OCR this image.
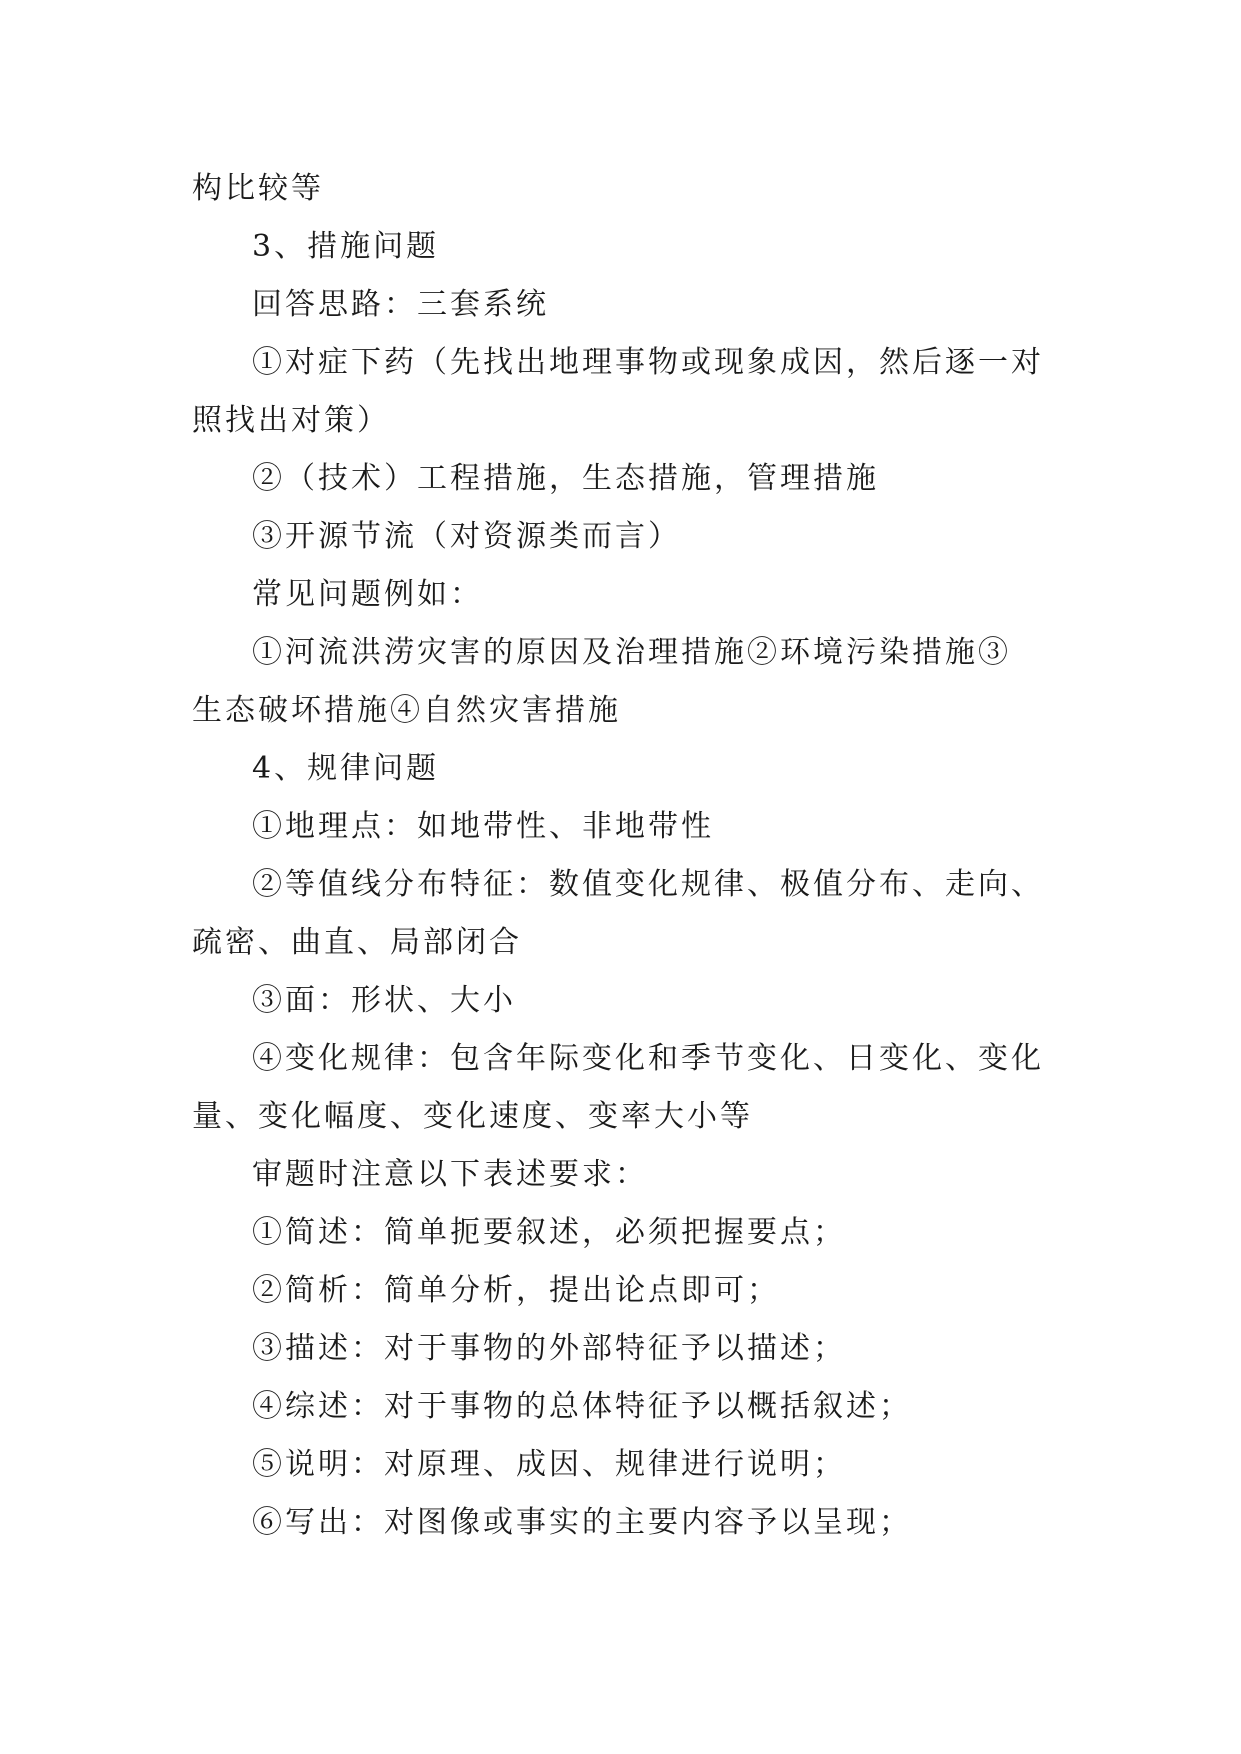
构比较等
3、措施问题
回答思路：三套系统
①对症下药（先找出地理事物或现象成因，然后逐一对
照找出对策）
②（技术）工程措施，生态措施，管理措施
③开源节流（对资源类而言）
常见问题例如：
①河流洪涝灾害的原因及治理措施②环境污染措施③
生态破坏措施④自然灾害措施
4、规律问题
①地理点：如地带性、非地带性
②等值线分布特征：数值变化规律、极值分布、走向、
疏密、曲直、局部闭合
③面：形状、大小
④变化规律：包含年际变化和季节变化、日变化、变化
量、变化幅度、变化速度、变率大小等
审题时注意以下表述要求：
①简述：简单扼要叙述，必须把握要点；
②简析：简单分析，提出论点即可；
③描述：对于事物的外部特征予以描述；
④综述：对于事物的总体特征予以概括叙述；
⑤说明：对原理、成因、规律进行说明；
⑥写出：对图像或事实的主要内容予以呈现；
